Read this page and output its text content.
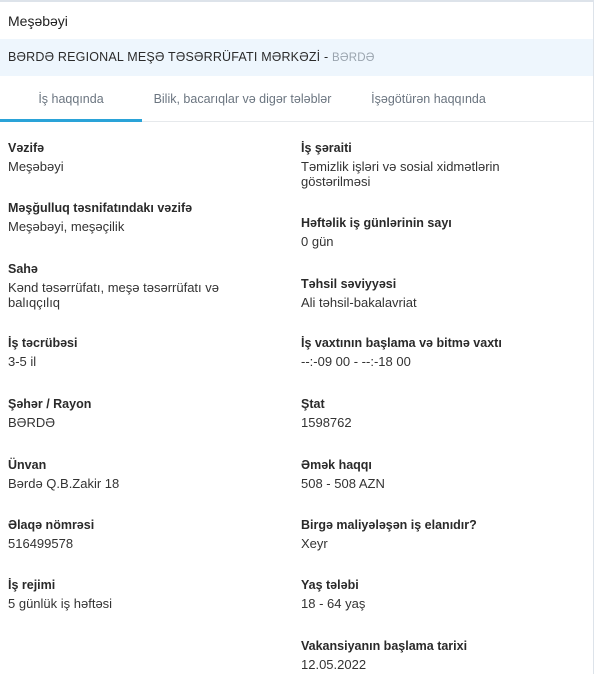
Meşəbəyi
BƏRDƏ REGIONAL MEŞƏ TƏSƏRRÜFATI MƏRKƏZİ - BƏRDƏ
İş haqqında	Bilik, bacarıqlar və digər tələblər	İşəgötürən haqqında
Vəzifə
Meşəbəyi
Məşğulluq təsnifatındakı vəzifə
Meşəbəyi, meşəçilik
Sahə
Kənd təsərrüfatı, meşə təsərrüfatı və balıqçılıq
İş təcrübəsi
3-5 il
Şəhər / Rayon
BƏRDƏ
Ünvan
Bərdə Q.B.Zakir 18
Əlaqə nömrəsi
516499578
İş rejimi
5 günlük iş həftəsi
İş şəraiti
Təmizlik işləri və sosial xidmətlərin göstərilməsi
Həftəlik iş günlərinin sayı
0 gün
Təhsil səviyyəsi
Ali təhsil-bakalavriat
İş vaxtının başlama və bitmə vaxtı
--:-09 00 - --:-18 00
Ştat
1598762
Əmək haqqı
508 - 508 AZN
Birgə maliyələşən iş elanıdır?
Xeyr
Yaş tələbi
18 - 64 yaş
Vakansiyanın başlama tarixi
12.05.2022
